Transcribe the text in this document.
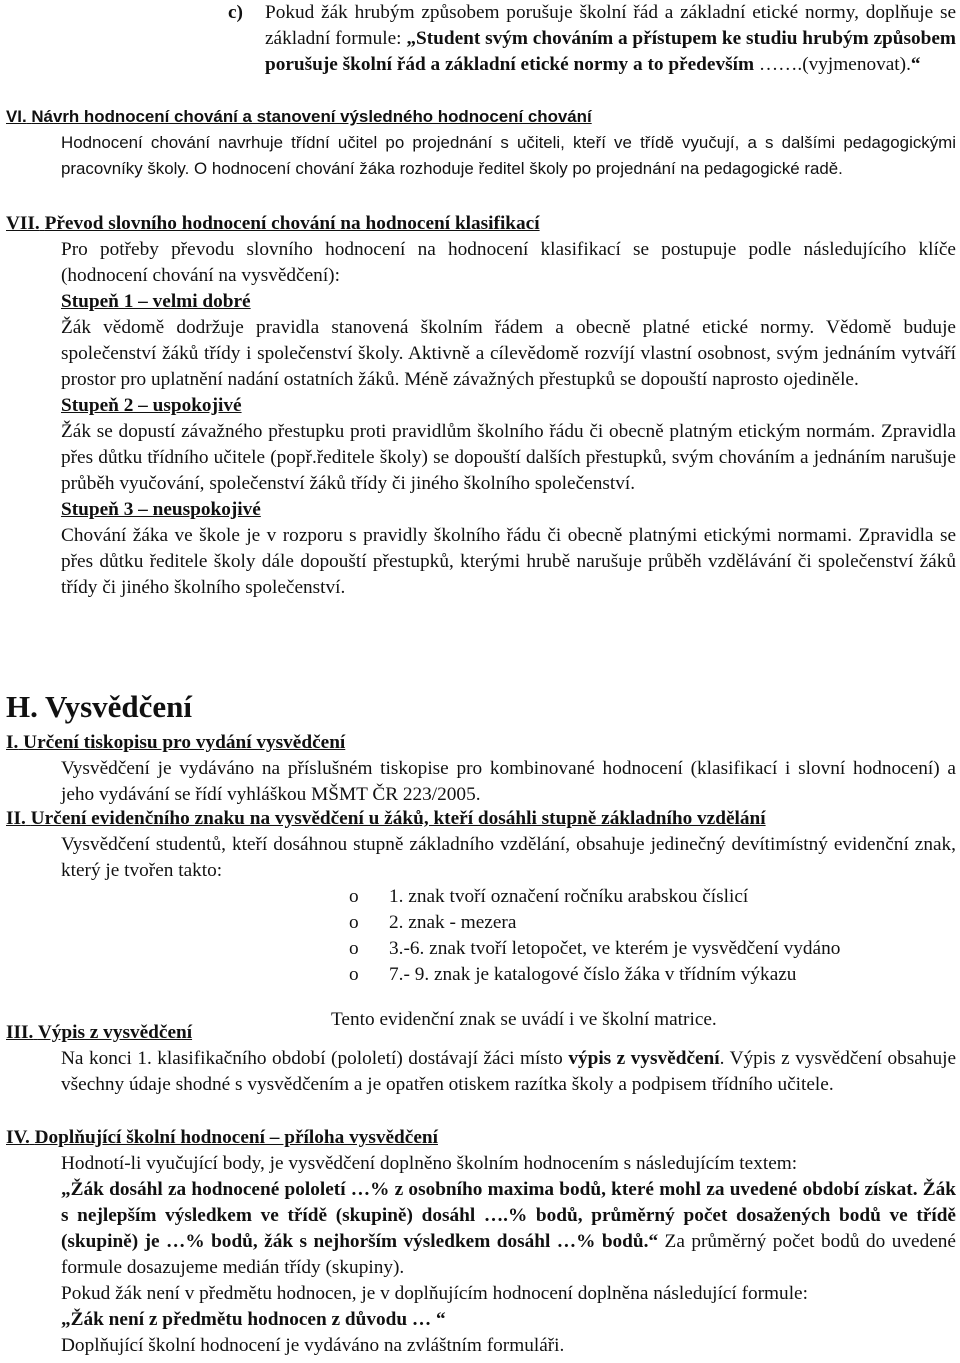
c)	Pokud žák hrubým způsobem porušuje školní řád a základní etické normy, doplňuje se základní formule: „Student svým chováním a přístupem ke studiu hrubým způsobem porušuje školní řád a základní etické normy a to především …….(vyjmenovat).“

VI. Návrh hodnocení chování a stanovení výsledného hodnocení chování

Hodnocení chování navrhuje třídní učitel po projednání s učiteli, kteří ve třídě vyučují, a s dalšími pedagogickými pracovníky školy. O hodnocení chování žáka rozhoduje ředitel školy po projednání na pedagogické radě.

VII. Převod slovního hodnocení chování na hodnocení klasifikací

Pro potřeby převodu slovního hodnocení na hodnocení klasifikací se postupuje podle následujícího klíče (hodnocení chování na vysvědčení):

Stupeň 1 – velmi dobré

Žák vědomě dodržuje pravidla stanovená školním řádem a obecně platné etické normy. Vědomě buduje společenství žáků třídy i společenství školy. Aktivně a cílevědomě rozvíjí vlastní osobnost, svým jednáním vytváří prostor pro uplatnění nadání ostatních žáků. Méně závažných přestupků se dopouští naprosto ojediněle.

Stupeň 2 – uspokojivé

Žák se dopustí závažného přestupku proti pravidlům školního řádu či obecně platným etickým normám. Zpravidla přes důtku třídního učitele (popř.ředitele školy) se dopouští dalších přestupků, svým chováním a jednáním narušuje průběh vyučování, společenství žáků třídy či jiného školního společenství.

Stupeň 3 – neuspokojivé

Chování žáka ve škole je v rozporu s pravidly školního řádu či obecně platnými etickými normami. Zpravidla se přes důtku ředitele školy dále dopouští přestupků, kterými hrubě narušuje průběh vzdělávání či společenství žáků třídy či jiného školního společenství.

H. Vysvědčení

I. Určení tiskopisu pro vydání vysvědčení

Vysvědčení je vydáváno na příslušném tiskopise pro kombinované hodnocení (klasifikací i slovní hodnocení) a jeho vydávání se řídí vyhláškou MŠMT ČR 223/2005.

II. Určení evidenčního znaku na vysvědčení u žáků, kteří dosáhli stupně základního vzdělání

Vysvědčení studentů, kteří dosáhnou stupně základního vzdělání, obsahuje jedinečný devítimístný evidenční znak, který je tvořen takto:

o 1. znak tvoří označení ročníku arabskou číslicí
o 2. znak - mezera
o 3.-6. znak tvoří letopočet, ve kterém je vysvědčení vydáno
o 7.- 9. znak je katalogové číslo žáka v třídním výkazu

Tento evidenční znak se uvádí i ve školní matrice.

III. Výpis z vysvědčení

Na konci 1. klasifikačního období (pololetí) dostávají žáci místo výpis z vysvědčení. Výpis z vysvědčení obsahuje všechny údaje shodné s vysvědčením a je opatřen otiskem razítka školy a podpisem třídního učitele.

IV. Doplňující školní hodnocení – příloha vysvědčení

Hodnotí-li vyučující body, je vysvědčení doplněno školním hodnocením s následujícím textem:

„Žák dosáhl za hodnocené pololetí …% z osobního maxima bodů, které mohl za uvedené období získat. Žák s nejlepším výsledkem ve třídě (skupině) dosáhl ….% bodů, průměrný počet dosažených bodů ve třídě (skupině) je …% bodů, žák s nejhorším výsledkem dosáhl …% bodů.“ Za průměrný počet bodů do uvedené formule dosazujeme medián třídy (skupiny).

Pokud žák není v předmětu hodnocen, je v doplňujícím hodnocení doplněna následující formule:

„Žák není z předmětu hodnocen z důvodu … “

Doplňující školní hodnocení je vydáváno na zvláštním formuláři.
